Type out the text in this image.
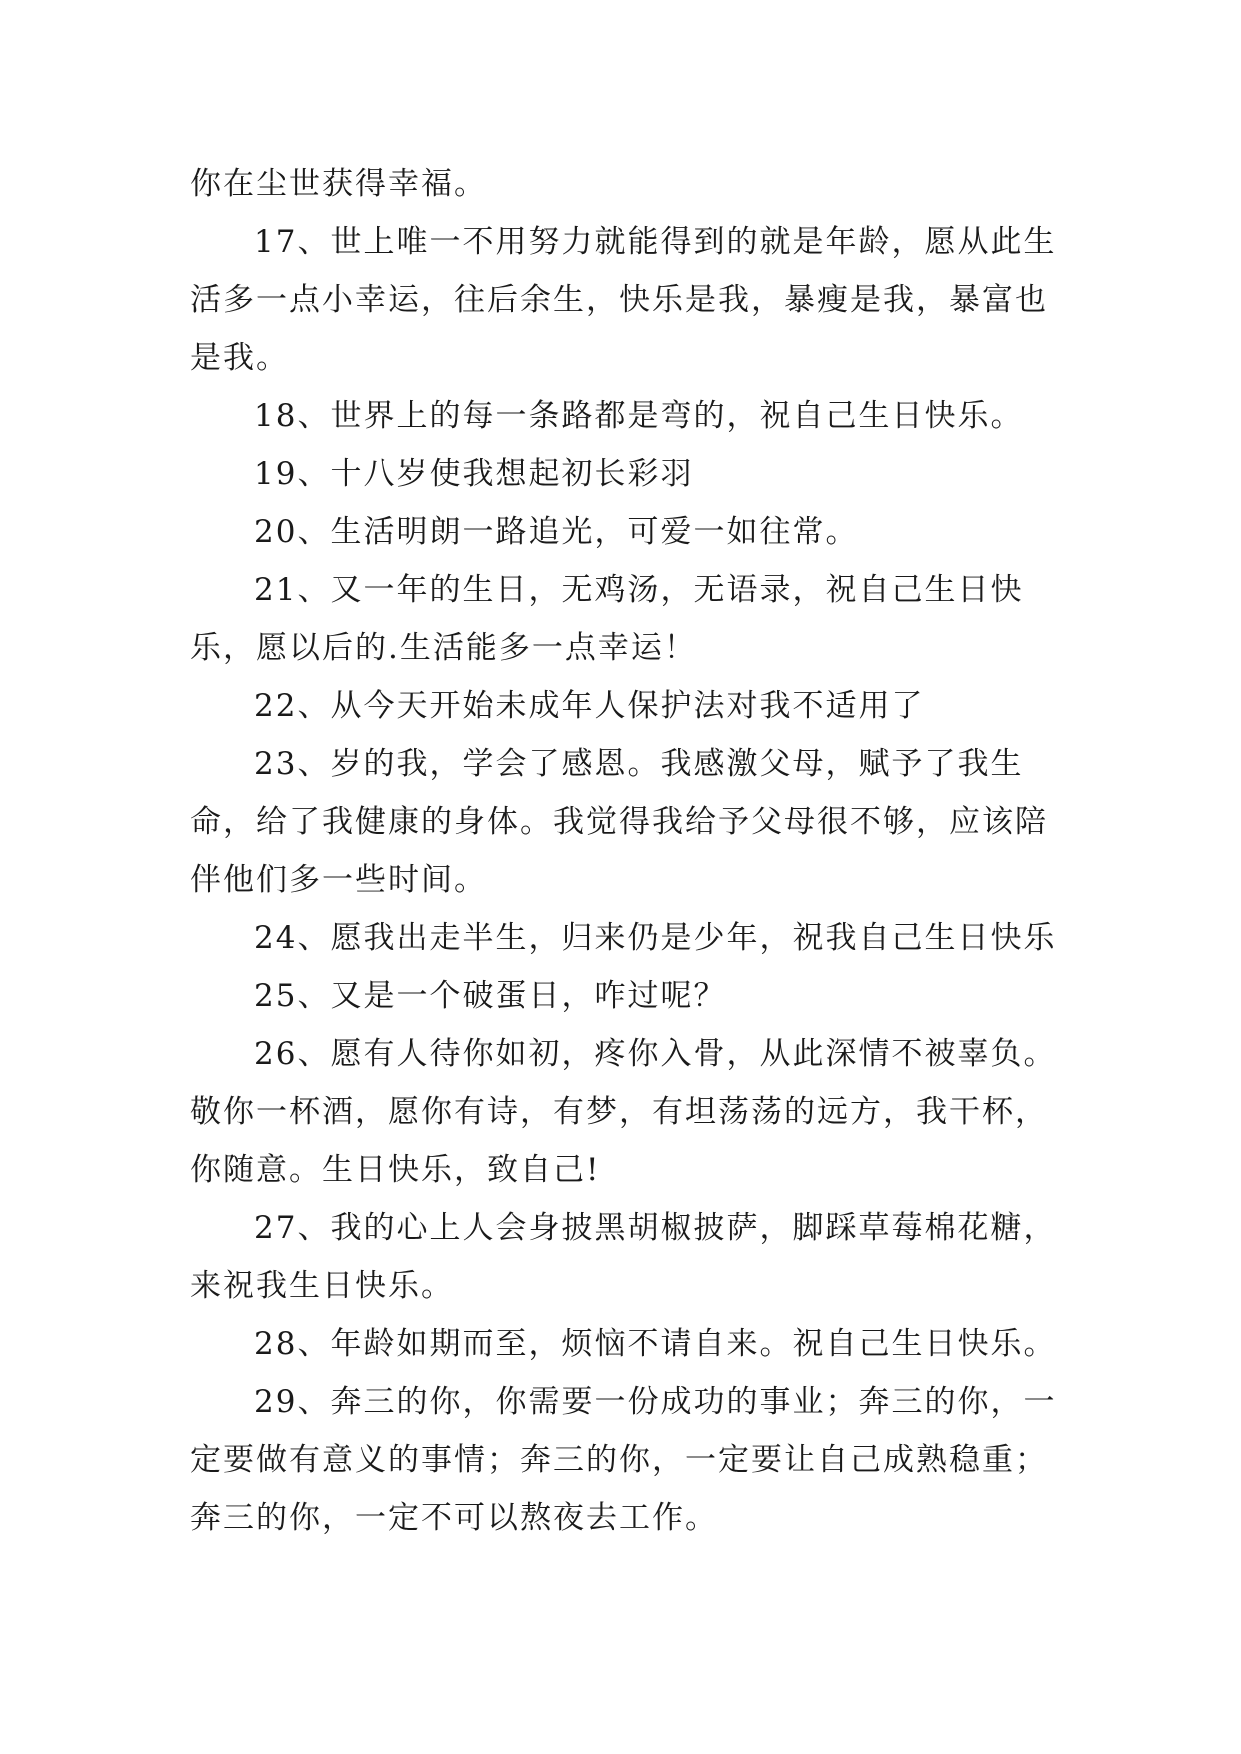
你在尘世获得幸福。

17、世上唯一不用努力就能得到的就是年龄，愿从此生活多一点小幸运，往后余生，快乐是我，暴瘦是我，暴富也是我。

18、世界上的每一条路都是弯的，祝自己生日快乐。

19、十八岁使我想起初长彩羽

20、生活明朗一路追光，可爱一如往常。

21、又一年的生日，无鸡汤，无语录，祝自己生日快乐，愿以后的.生活能多一点幸运！

22、从今天开始未成年人保护法对我不适用了

23、岁的我，学会了感恩。我感激父母，赋予了我生命，给了我健康的身体。我觉得我给予父母很不够，应该陪伴他们多一些时间。

24、愿我出走半生，归来仍是少年，祝我自己生日快乐

25、又是一个破蛋日，咋过呢？

26、愿有人待你如初，疼你入骨，从此深情不被辜负。敬你一杯酒，愿你有诗，有梦，有坦荡荡的远方，我干杯，你随意。生日快乐，致自己!

27、我的心上人会身披黑胡椒披萨，脚踩草莓棉花糖，来祝我生日快乐。

28、年龄如期而至，烦恼不请自来。祝自己生日快乐。

29、奔三的你，你需要一份成功的事业；奔三的你，一定要做有意义的事情；奔三的你，一定要让自己成熟稳重；奔三的你，一定不可以熬夜去工作。
